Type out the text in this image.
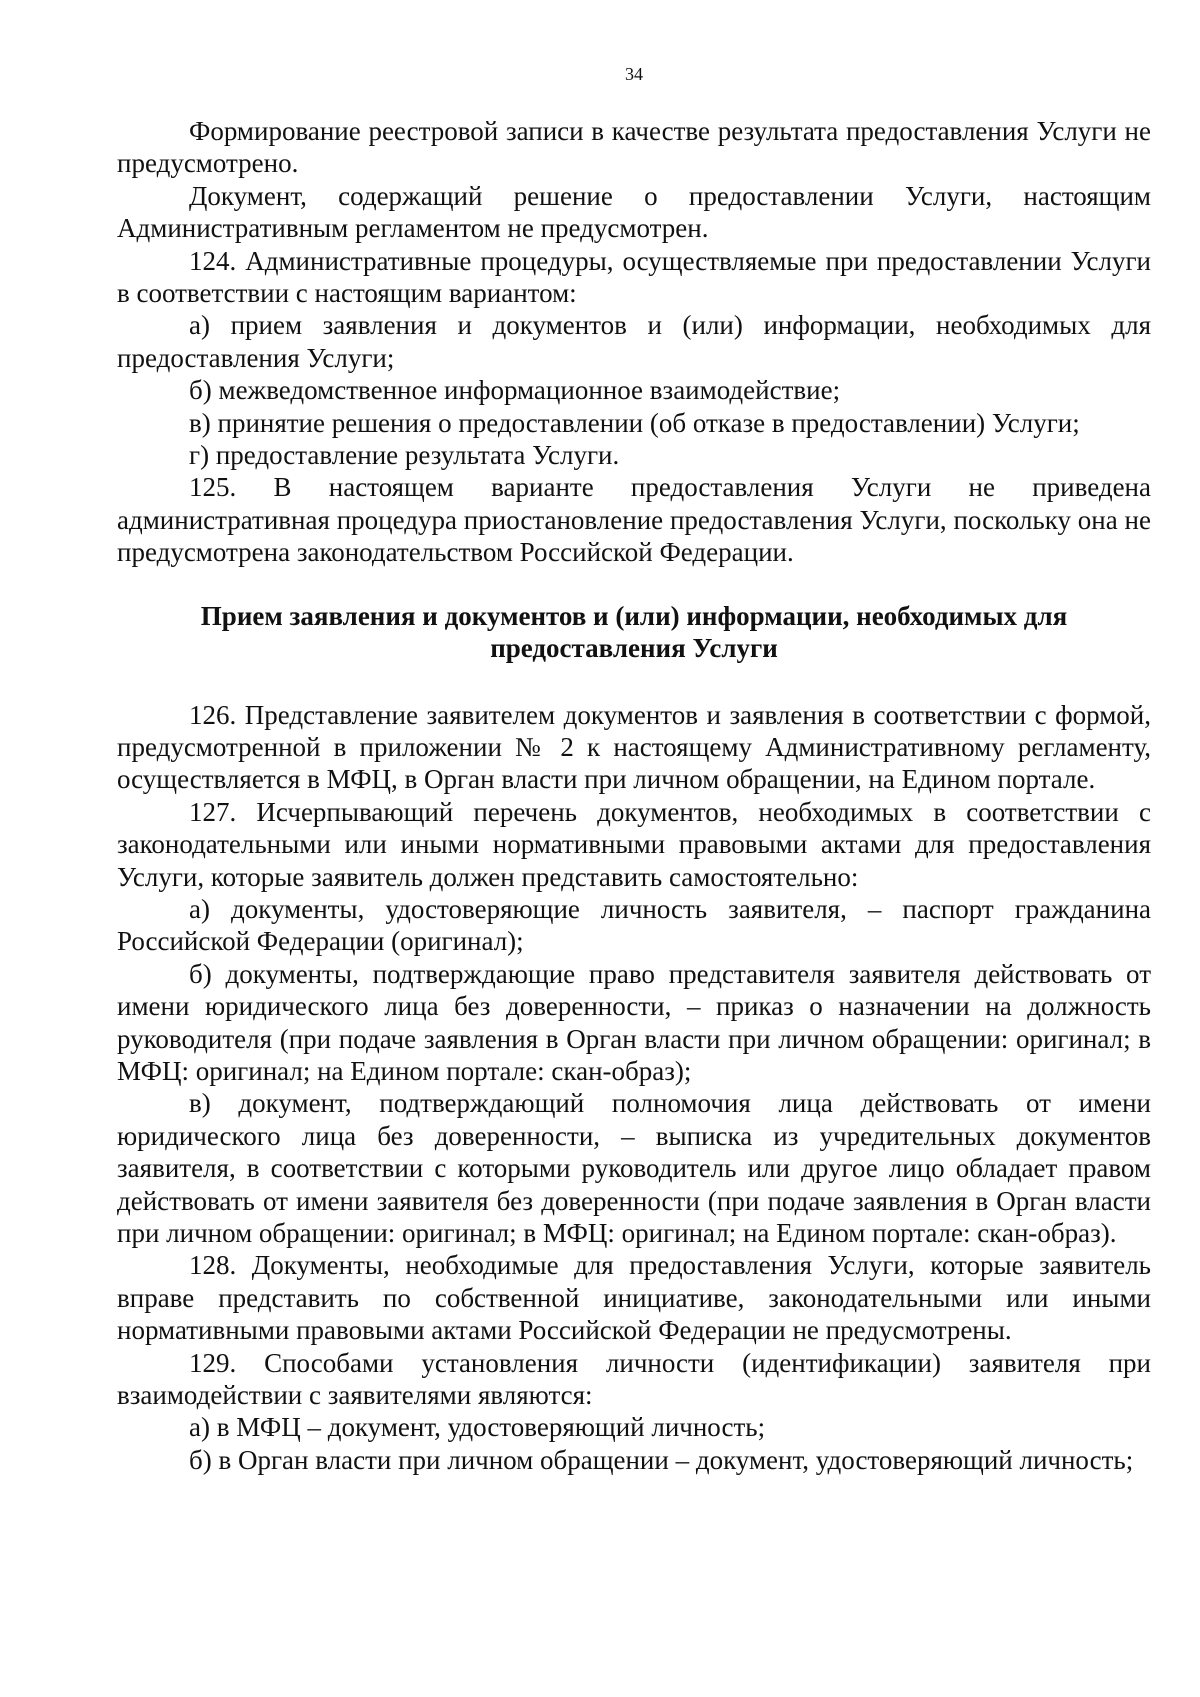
34

Формирование реестровой записи в качестве результата предоставления Услуги не предусмотрено.

Документ, содержащий решение о предоставлении Услуги, настоящим Административным регламентом не предусмотрен.

124. Административные процедуры, осуществляемые при предоставлении Услуги в соответствии с настоящим вариантом:

а) прием заявления и документов и (или) информации, необходимых для предоставления Услуги;

б) межведомственное информационное взаимодействие;

в) принятие решения о предоставлении (об отказе в предоставлении) Услуги;

г) предоставление результата Услуги.

125. В настоящем варианте предоставления Услуги не приведена административная процедура приостановление предоставления Услуги, поскольку она не предусмотрена законодательством Российской Федерации.

Прием заявления и документов и (или) информации, необходимых для
предоставления Услуги

126. Представление заявителем документов и заявления в соответствии с формой, предусмотренной в приложении № 2 к настоящему Административному регламенту, осуществляется в МФЦ, в Орган власти при личном обращении, на Едином портале.

127. Исчерпывающий перечень документов, необходимых в соответствии с законодательными или иными нормативными правовыми актами для предоставления Услуги, которые заявитель должен представить самостоятельно:

а) документы, удостоверяющие личность заявителя, – паспорт гражданина Российской Федерации (оригинал);

б) документы, подтверждающие право представителя заявителя действовать от имени юридического лица без доверенности, – приказ о назначении на должность руководителя (при подаче заявления в Орган власти при личном обращении: оригинал; в МФЦ: оригинал; на Едином портале: скан-образ);

в) документ, подтверждающий полномочия лица действовать от имени юридического лица без доверенности, – выписка из учредительных документов заявителя, в соответствии с которыми руководитель или другое лицо обладает правом действовать от имени заявителя без доверенности (при подаче заявления в Орган власти при личном обращении: оригинал; в МФЦ: оригинал; на Едином портале: скан-образ).

128. Документы, необходимые для предоставления Услуги, которые заявитель вправе представить по собственной инициативе, законодательными или иными нормативными правовыми актами Российской Федерации не предусмотрены.

129. Способами установления личности (идентификации) заявителя при взаимодействии с заявителями являются:

а) в МФЦ – документ, удостоверяющий личность;

б) в Орган власти при личном обращении – документ, удостоверяющий личность;
